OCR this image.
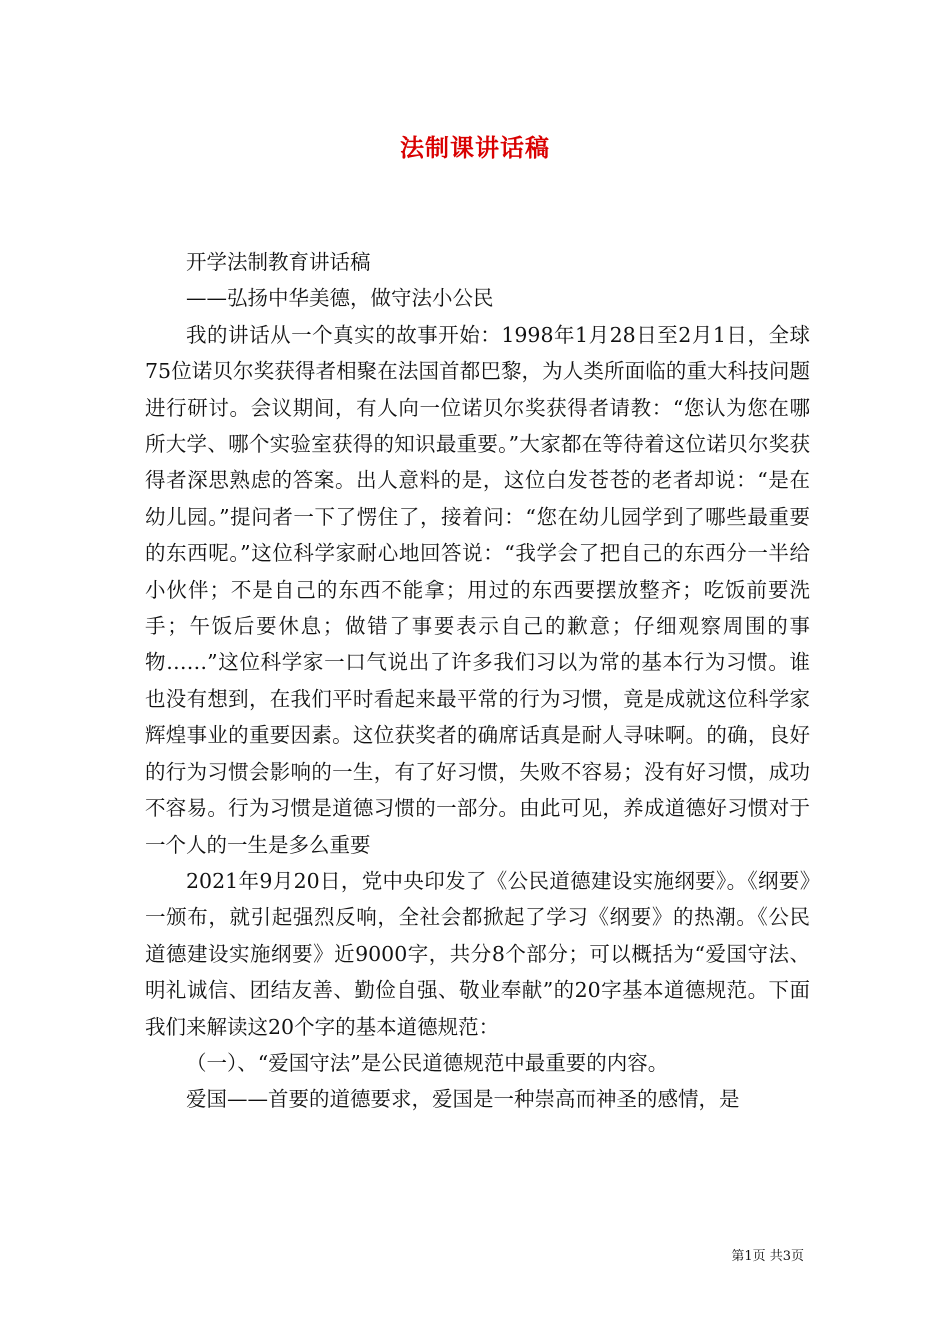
法制课讲话稿

开学法制教育讲话稿

——弘扬中华美德，做守法小公民

我的讲话从一个真实的故事开始：1998年1月28日至2月1日，全球75位诺贝尔奖获得者相聚在法国首都巴黎，为人类所面临的重大科技问题进行研讨。会议期间，有人向一位诺贝尔奖获得者请教：“您认为您在哪所大学、哪个实验室获得的知识最重要。”大家都在等待着这位诺贝尔奖获得者深思熟虑的答案。出人意料的是，这位白发苍苍的老者却说：“是在幼儿园。”提问者一下了愣住了，接着问：“您在幼儿园学到了哪些最重要的东西呢。”这位科学家耐心地回答说：“我学会了把自己的东西分一半给小伙伴；不是自己的东西不能拿；用过的东西要摆放整齐；吃饭前要洗手；午饭后要休息；做错了事要表示自己的歉意；仔细观察周围的事物……”这位科学家一口气说出了许多我们习以为常的基本行为习惯。谁也没有想到，在我们平时看起来最平常的行为习惯，竟是成就这位科学家辉煌事业的重要因素。这位获奖者的确席话真是耐人寻味啊。的确，良好的行为习惯会影响的一生，有了好习惯，失败不容易；没有好习惯，成功不容易。行为习惯是道德习惯的一部分。由此可见，养成道德好习惯对于一个人的一生是多么重要

2021年9月20日，党中央印发了《公民道德建设实施纲要》。《纲要》一颁布，就引起强烈反响，全社会都掀起了学习《纲要》的热潮。《公民道德建设实施纲要》近9000字，共分8个部分；可以概括为“爱国守法、明礼诚信、团结友善、勤俭自强、敬业奉献”的20字基本道德规范。下面我们来解读这20个字的基本道德规范：

（一）、“爱国守法”是公民道德规范中最重要的内容。

爱国——首要的道德要求，爱国是一种崇高而神圣的感情，是

第1页 共3页
